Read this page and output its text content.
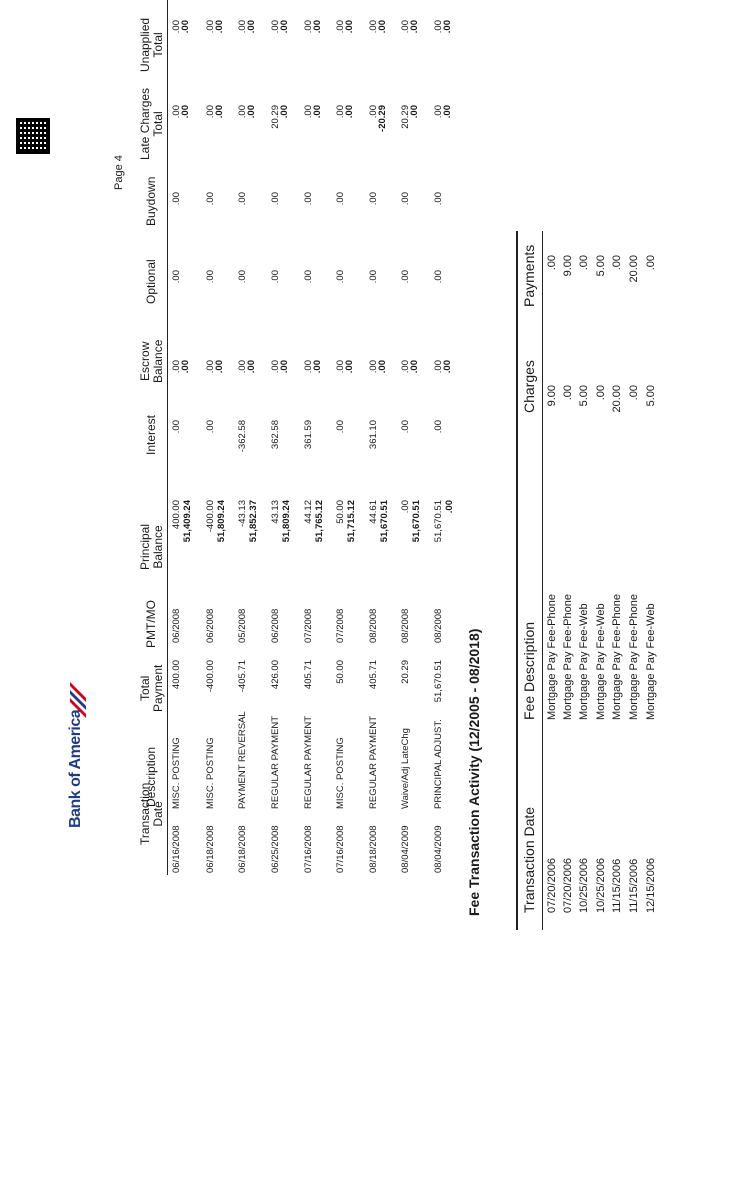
Bank of America
Page 4
Transaction Date
Description
Total Payment
PMT/MO
Principal Balance
Interest
Escrow Balance
Optional
Buydown
Late Charges Total
Unapplied Total
06/16/2008
MISC. POSTING
400.00
06/2008
400.00 51,409.24
.00
.00
.00
.00
.00
.00
.00
.00
.00
06/18/2008
MISC. POSTING
-400.00
06/2008
-400.00 51,809.24
.00
.00
.00
.00
.00
.00
.00
.00
.00
06/18/2008
PAYMENT REVERSAL
-405.71
05/2008
-43.13 51,852.37
-362.58
.00
.00
.00
.00
.00
.00
.00
.00
06/25/2008
REGULAR PAYMENT
426.00
06/2008
43.13 51,809.24
362.58
.00
.00
.00
.00
20.29
.00
.00
.00
07/16/2008
REGULAR PAYMENT
405.71
07/2008
44.12 51,765.12
361.59
.00
.00
.00
.00
.00
.00
.00
.00
07/16/2008
MISC. POSTING
50.00
07/2008
50.00 51,715.12
.00
.00
.00
.00
.00
.00
.00
.00
.00
08/18/2008
REGULAR PAYMENT
405.71
08/2008
44.61 51,670.51
361.10
.00
.00
.00
.00
.00
-20.29
.00
.00
08/04/2009
Waive/Adj LateChg
20.29
08/2008
.00 51,670.51
.00
.00
.00
.00
.00
20.29
.00
.00
.00
08/04/2009
PRINCIPAL ADJUST.
51,670.51
08/2008
51,670.51 .00
.00
.00
.00
.00
.00
.00
.00
.00
.00
Fee Transaction Activity (12/2005 - 08/2018)	Transaction Date
Fee Description
Charges
Payments
07/20/2006
Mortgage Pay Fee-Phone
9.00
.00
07/20/2006
Mortgage Pay Fee-Phone
.00
9.00
10/25/2006
Mortgage Pay Fee-Web
5.00
.00
10/25/2006
Mortgage Pay Fee-Web
.00
5.00
11/15/2006
Mortgage Pay Fee-Phone
20.00
.00
11/15/2006
Mortgage Pay Fee-Phone
.00
20.00
12/15/2006
Mortgage Pay Fee-Web
5.00
.00
